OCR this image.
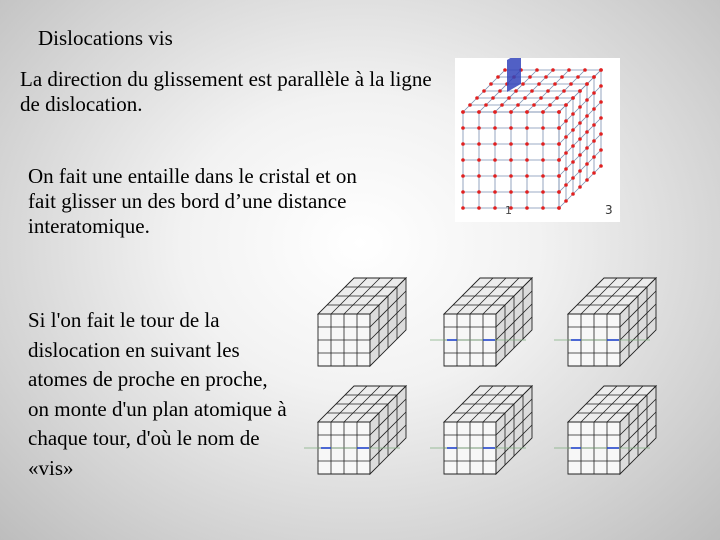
Dislocations vis
La direction du glissement est parallèle à la ligne de dislocation.
On fait une entaille dans le cristal et on fait glisser un des bord d’une distance interatomique.
Si l'on fait le tour de la dislocation en suivant les atomes de proche en proche, on monte d'un plan atomique à chaque tour, d'où le nom de «vis»
1	3
